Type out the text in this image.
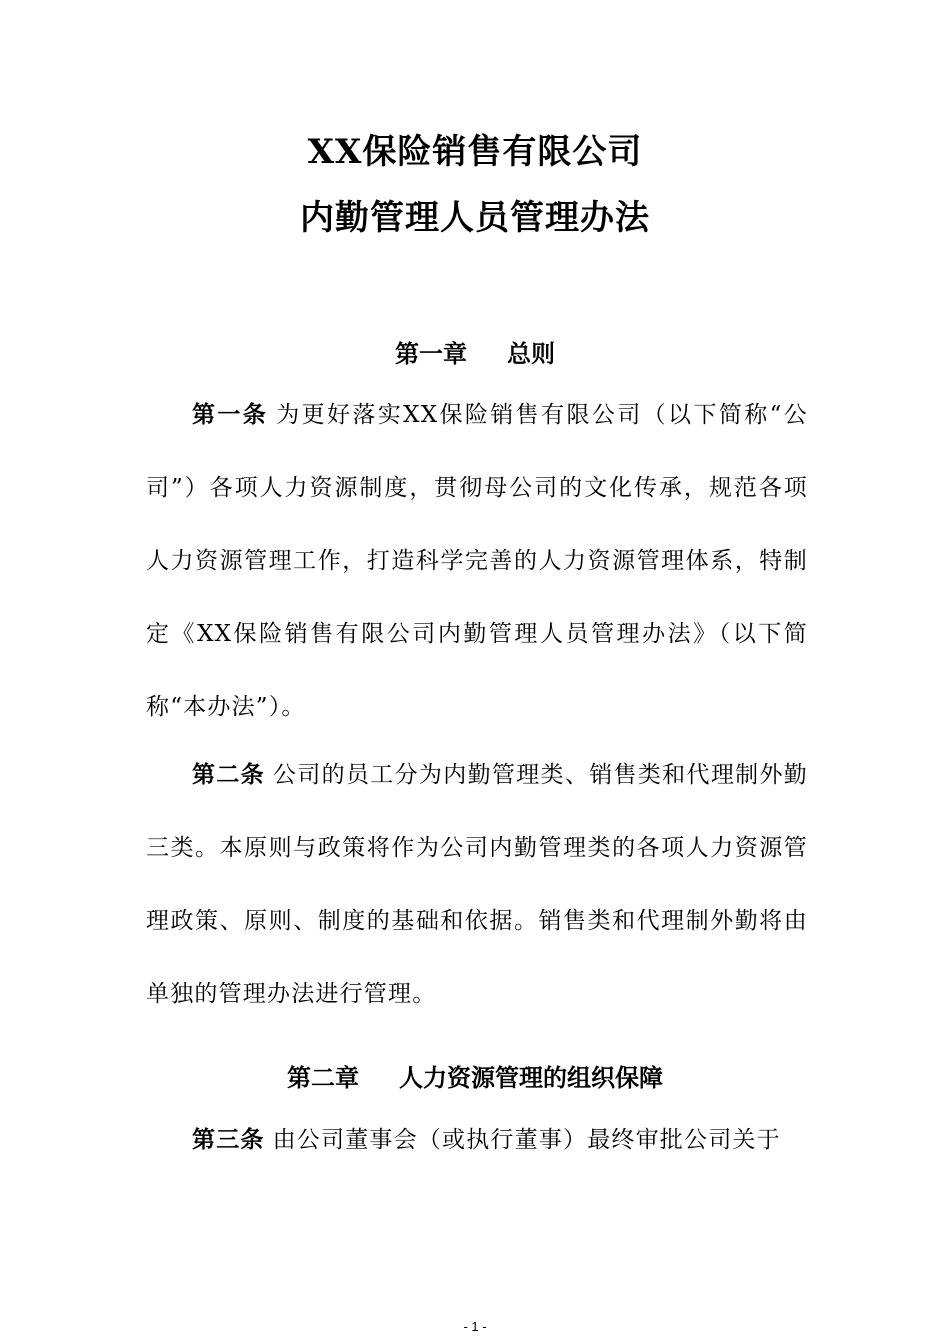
XX保险销售有限公司
内勤管理人员管理办法
第一章 总则
第一条 为更好落实XX保险销售有限公司（以下简称“公司”）各项人力资源制度，贯彻母公司的文化传承，规范各项人力资源管理工作，打造科学完善的人力资源管理体系，特制定《XX保险销售有限公司内勤管理人员管理办法》（以下简称“本办法”）。
第二条 公司的员工分为内勤管理类、销售类和代理制外勤三类。本原则与政策将作为公司内勤管理类的各项人力资源管理政策、原则、制度的基础和依据。销售类和代理制外勤将由单独的管理办法进行管理。
第二章 人力资源管理的组织保障
第三条 由公司董事会（或执行董事）最终审批公司关于
- 1 -
